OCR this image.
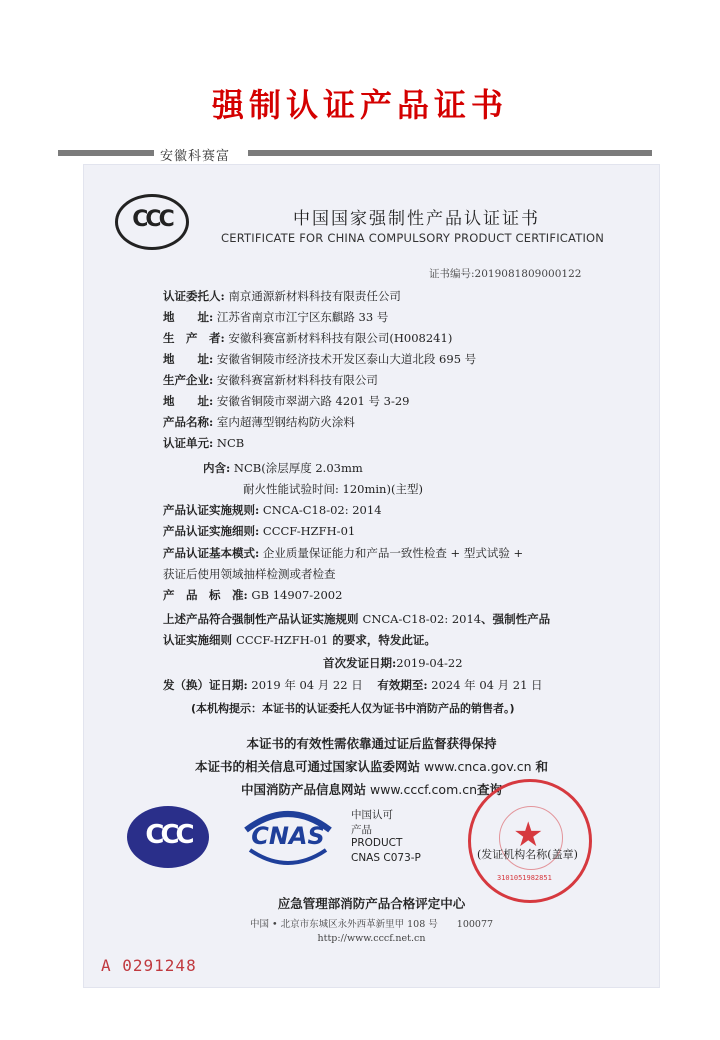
强制认证产品证书
安徽科赛富
CCC	中国国家强制性产品认证证书
CERTIFICATE FOR CHINA COMPULSORY PRODUCT CERTIFICATION
证书编号:2019081809000122
认证委托人: 南京通源新材料科技有限责任公司
地　　址: 江苏省南京市江宁区东麒路 33 号
生　产　者: 安徽科赛富新材料科技有限公司(H008241)
地　　址: 安徽省铜陵市经济技术开发区泰山大道北段 695 号
生产企业: 安徽科赛富新材料科技有限公司
地　　址: 安徽省铜陵市翠湖六路 4201 号 3-29
产品名称: 室内超薄型钢结构防火涂料
认证单元: NCB
内含: NCB(涂层厚度 2.03mm
耐火性能试验时间: 120min)(主型)
产品认证实施规则: CNCA-C18-02: 2014
产品认证实施细则: CCCF-HZFH-01
产品认证基本模式: 企业质量保证能力和产品一致性检查 + 型式试验 +
获证后使用领域抽样检测或者检查
产　品　标　准: GB 14907-2002
上述产品符合强制性产品认证实施规则 CNCA-C18-02: 2014、强制性产品
认证实施细则 CCCF-HZFH-01 的要求，特发此证。
首次发证日期:2019-04-22
发（换）证日期: 2019 年 04 月 22 日 有效期至: 2024 年 04 月 21 日
(本机构提示：本证书的认证委托人仅为证书中消防产品的销售者。)
本证书的有效性需依靠通过证后监督获得保持
本证书的相关信息可通过国家认监委网站 www.cnca.gov.cn 和
中国消防产品信息网站 www.cccf.com.cn查询
CCC	CNAS
中国认可
产品
PRODUCT
CNAS C073-P
★
3101051982851
(发证机构名称(盖章)
应急管理部消防产品合格评定中心
中国 • 北京市东城区永外西革新里甲 108 号　　100077
http://www.cccf.net.cn
A 0291248
